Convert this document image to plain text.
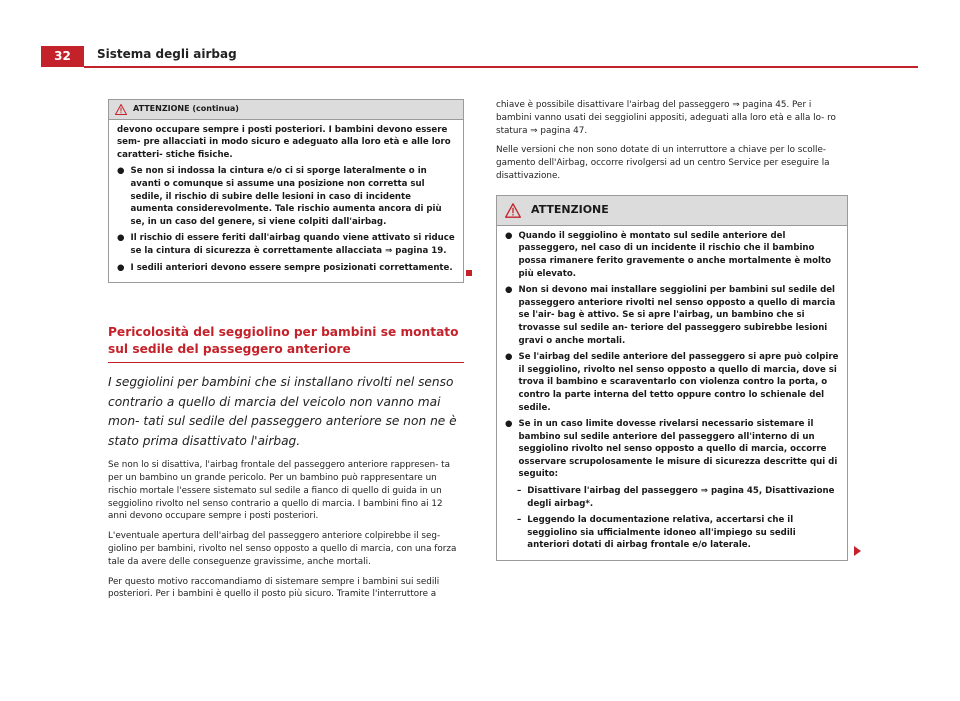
32	Sistema degli airbag
ATTENZIONE (continua)

devono occupare sempre i posti posteriori. I bambini devono essere sem- pre allacciati in modo sicuro e adeguato alla loro età e alle loro caratteri- stiche fisiche.

● Se non si indossa la cintura e/o ci si sporge lateralmente o in avanti o comunque si assume una posizione non corretta sul sedile, il rischio di subire delle lesioni in caso di incidente aumenta considerevolmente. Tale rischio aumenta ancora di più se, in un caso del genere, si viene colpiti dall'airbag.
● Il rischio di essere feriti dall'airbag quando viene attivato si riduce se la cintura di sicurezza è correttamente allacciata ⇒ pagina 19.
● I sedili anteriori devono essere sempre posizionati correttamente.
Pericolosità del seggiolino per bambini se montato sul sedile del passeggero anteriore
I seggiolini per bambini che si installano rivolti nel senso contrario a quello di marcia del veicolo non vanno mai mon- tati sul sedile del passeggero anteriore se non ne è stato prima disattivato l'airbag.

Se non lo si disattiva, l'airbag frontale del passeggero anteriore rappresen- ta per un bambino un grande pericolo. Per un bambino può rappresentare un rischio mortale l'essere sistemato sul sedile a fianco di quello di guida in un seggiolino rivolto nel senso contrario a quello di marcia. I bambini fino ai 12 anni devono occupare sempre i posti posteriori.

L'eventuale apertura dell'airbag del passeggero anteriore colpirebbe il seg- giolino per bambini, rivolto nel senso opposto a quello di marcia, con una forza tale da avere delle conseguenze gravissime, anche mortali.

Per questo motivo raccomandiamo di sistemare sempre i bambini sui sedili posteriori. Per i bambini è quello il posto più sicuro. Tramite l'interruttore a

chiave è possibile disattivare l'airbag del passeggero ⇒ pagina 45. Per i bambini vanno usati dei seggiolini appositi, adeguati alla loro età e alla lo- ro statura ⇒ pagina 47.

Nelle versioni che non sono dotate di un interruttore a chiave per lo scolle- gamento dell'Airbag, occorre rivolgersi ad un centro Service per eseguire la disattivazione.

ATTENZIONE
● Quando il seggiolino è montato sul sedile anteriore del passeggero, nel caso di un incidente il rischio che il bambino possa rimanere ferito gravemente o anche mortalmente è molto più elevato.
● Non si devono mai installare seggiolini per bambini sul sedile del passeggero anteriore rivolti nel senso opposto a quello di marcia se l'air- bag è attivo. Se si apre l'airbag, un bambino che si trovasse sul sedile an- teriore del passeggero subirebbe lesioni gravi o anche mortali.
● Se l'airbag del sedile anteriore del passeggero si apre può colpire il seggiolino, rivolto nel senso opposto a quello di marcia, dove si trova il bambino e scaraventarlo con violenza contro la porta, o contro la parte interna del tetto oppure contro lo schienale del sedile.
● Se in un caso limite dovesse rivelarsi necessario sistemare il bambino sul sedile anteriore del passeggero all'interno di un seggiolino rivolto nel senso opposto a quello di marcia, occorre osservare scrupolosamente le misure di sicurezza descritte qui di seguito:
– Disattivare l'airbag del passeggero ⇒ pagina 45, Disattivazione degli airbag*.
– Leggendo la documentazione relativa, accertarsi che il seggiolino sia ufficialmente idoneo all'impiego su sedili anteriori dotati di airbag frontale e/o laterale.
